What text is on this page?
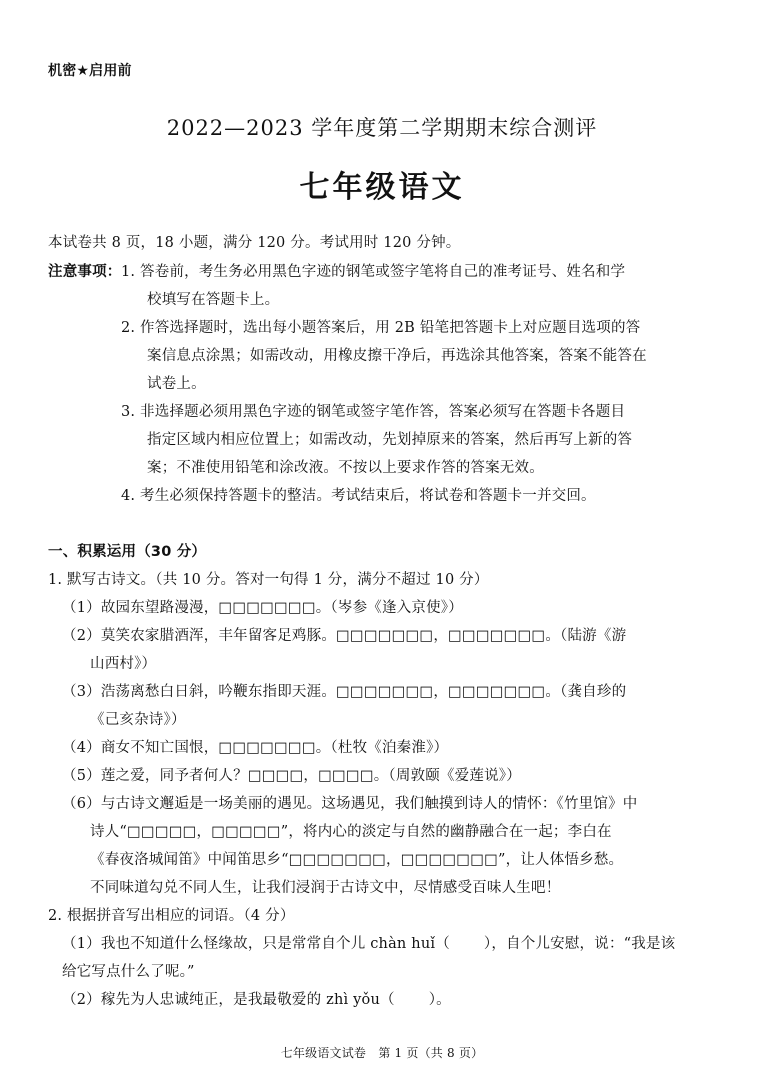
机密★启用前
2022—2023 学年度第二学期期末综合测评
七年级语文
本试卷共 8 页，18 小题，满分 120 分。考试用时 120 分钟。
注意事项： 1. 答卷前，考生务必用黑色字迹的钢笔或签字笔将自己的准考证号、姓名和学
校填写在答题卡上。
2. 作答选择题时，选出每小题答案后，用 2B 铅笔把答题卡上对应题目选项的答
案信息点涂黑；如需改动，用橡皮擦干净后，再选涂其他答案，答案不能答在
试卷上。
3. 非选择题必须用黑色字迹的钢笔或签字笔作答，答案必须写在答题卡各题目
指定区域内相应位置上；如需改动，先划掉原来的答案，然后再写上新的答
案；不准使用铅笔和涂改液。不按以上要求作答的答案无效。
4. 考生必须保持答题卡的整洁。考试结束后，将试卷和答题卡一并交回。
一、积累运用（30 分）
1. 默写古诗文。（共 10 分。答对一句得 1 分，满分不超过 10 分）
（1）故园东望路漫漫，□□□□□□□。（岑参《逢入京使》）
（2）莫笑农家腊酒浑，丰年留客足鸡豚。□□□□□□□，□□□□□□□。（陆游《游
山西村》）
（3）浩荡离愁白日斜，吟鞭东指即天涯。□□□□□□□，□□□□□□□。（龚自珍的
《己亥杂诗》）
（4）商女不知亡国恨，□□□□□□□。（杜牧《泊秦淮》）
（5）莲之爱，同予者何人？□□□□，□□□□。（周敦颐《爱莲说》）
（6）与古诗文邂逅是一场美丽的遇见。这场遇见，我们触摸到诗人的情怀：《竹里馆》中
诗人“□□□□□，□□□□□”，将内心的淡定与自然的幽静融合在一起；李白在
《春夜洛城闻笛》中闻笛思乡“□□□□□□□，□□□□□□□”，让人体悟乡愁。
不同味道勾兑不同人生，让我们浸润于古诗文中，尽情感受百味人生吧！
2. 根据拼音写出相应的词语。（4 分）
（1）我也不知道什么怪缘故，只是常常自个儿 chàn huǐ（ ），自个儿安慰，说：“我是该
给它写点什么了呢。”
（2）稼先为人忠诚纯正，是我最敬爱的 zhì yǒu（ ）。
七年级语文试卷　第 1 页（共 8 页）
